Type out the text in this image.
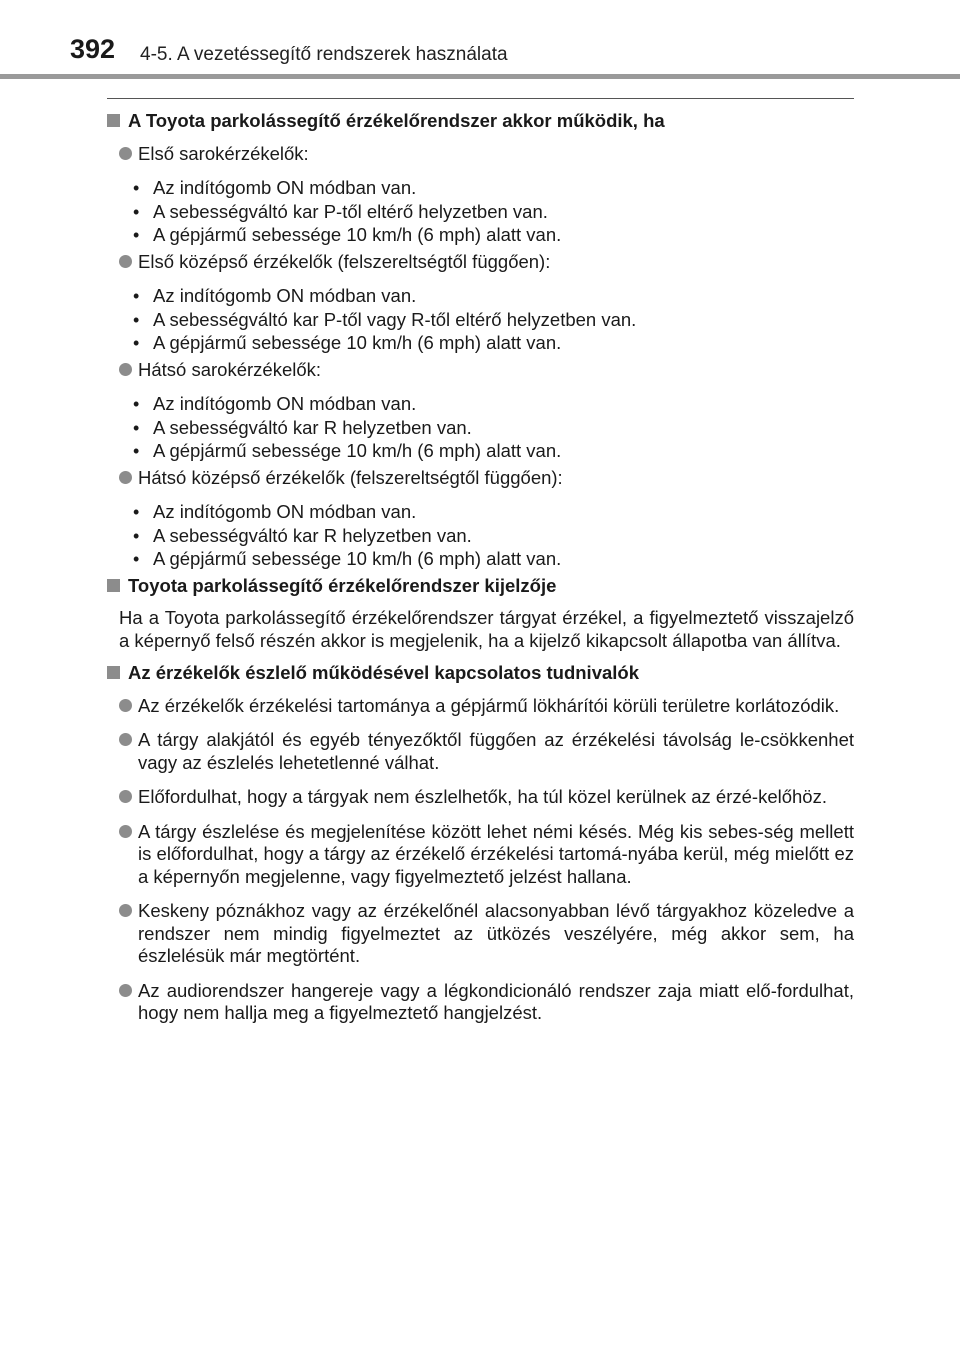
392 4-5. A vezetéssegítő rendszerek használata
A Toyota parkolássegítő érzékelőrendszer akkor működik, ha
Első sarokérzékelők:
• Az indítógomb ON módban van.
• A sebességváltó kar P-től eltérő helyzetben van.
• A gépjármű sebessége 10 km/h (6 mph) alatt van.
Első középső érzékelők (felszereltségtől függően):
• Az indítógomb ON módban van.
• A sebességváltó kar P-től vagy R-től eltérő helyzetben van.
• A gépjármű sebessége 10 km/h (6 mph) alatt van.
Hátsó sarokérzékelők:
• Az indítógomb ON módban van.
• A sebességváltó kar R helyzetben van.
• A gépjármű sebessége 10 km/h (6 mph) alatt van.
Hátsó középső érzékelők (felszereltségtől függően):
• Az indítógomb ON módban van.
• A sebességváltó kar R helyzetben van.
• A gépjármű sebessége 10 km/h (6 mph) alatt van.
Toyota parkolássegítő érzékelőrendszer kijelzője
Ha a Toyota parkolássegítő érzékelőrendszer tárgyat érzékel, a figyelmeztető visszajelző a képernyő felső részén akkor is megjelenik, ha a kijelző kikapcsolt állapotba van állítva.
Az érzékelők észlelő működésével kapcsolatos tudnivalók
Az érzékelők érzékelési tartománya a gépjármű lökhárítói körüli területre korlátozódik.
A tárgy alakjától és egyéb tényezőktől függően az érzékelési távolság le-csökkenhet vagy az észlelés lehetetlenné válhat.
Előfordulhat, hogy a tárgyak nem észlelhetők, ha túl közel kerülnek az érzé-kelőhöz.
A tárgy észlelése és megjelenítése között lehet némi késés. Még kis sebes-ség mellett is előfordulhat, hogy a tárgy az érzékelő érzékelési tartomá-nyába kerül, még mielőtt ez a képernyőn megjelenne, vagy figyelmeztető jelzést hallana.
Keskeny póznákhoz vagy az érzékelőnél alacsonyabban lévő tárgyakhoz közeledve a rendszer nem mindig figyelmeztet az ütközés veszélyére, még akkor sem, ha észlelésük már megtörtént.
Az audiorendszer hangereje vagy a légkondicionáló rendszer zaja miatt elő-fordulhat, hogy nem hallja meg a figyelmeztető hangjelzést.
